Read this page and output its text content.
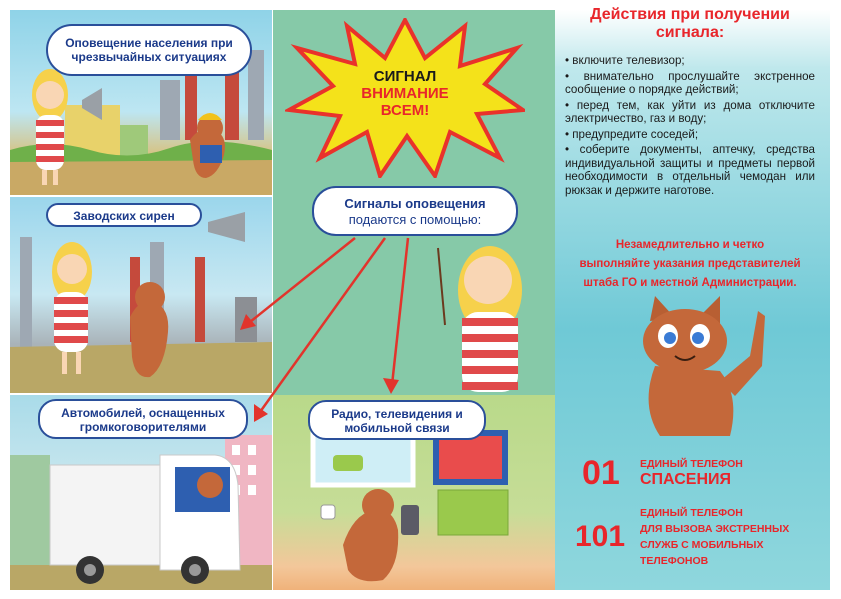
Оповещение населения при чрезвычайных ситуациях
Заводских сирен
Автомобилей, оснащенных громкоговорителями
Радио, телевидения и мобильной связи
СИГНАЛ
ВНИМАНИЕ
ВСЕМ!
Сигналы оповещения
подаются с помощью:
Действия при получении
сигнала:
• включите телевизор;
• внимательно прослушайте экстренное сообщение о порядке действий;
• перед тем, как уйти из дома отключите электричество, газ и воду;
• предупредите соседей;
• соберите документы, аптечку, средства индивидуальной защиты и предметы первой необходимости в отдельный чемодан или рюкзак и держите наготове.
Незамедлительно и четко
выполняйте указания представителей
штаба ГО и местной Администрации.
01 ЕДИНЫЙ ТЕЛЕФОН
СПАСЕНИЯ
101
ЕДИНЫЙ ТЕЛЕФОН
ДЛЯ ВЫЗОВА ЭКСТРЕННЫХ
СЛУЖБ С МОБИЛЬНЫХ
ТЕЛЕФОНОВ
